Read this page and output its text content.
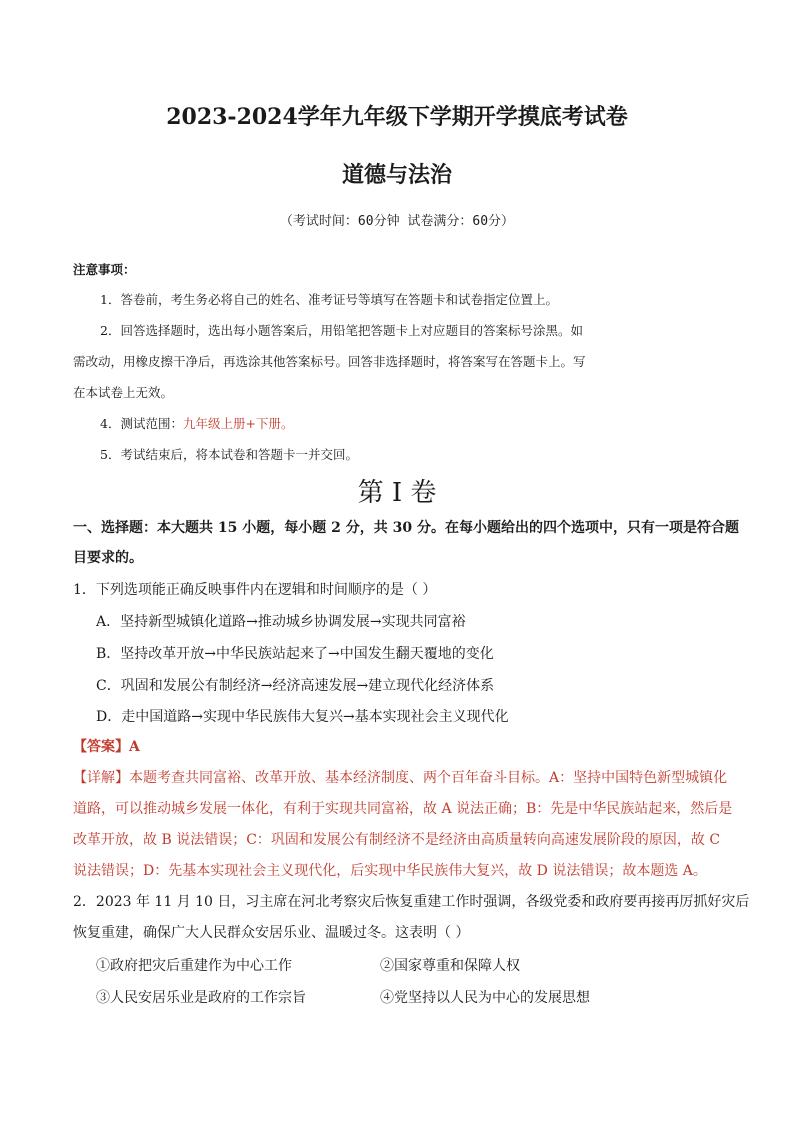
2023-2024学年九年级下学期开学摸底考试卷
道德与法治
（考试时间：60分钟 试卷满分：60分）
注意事项：
1．答卷前，考生务必将自己的姓名、准考证号等填写在答题卡和试卷指定位置上。
2．回答选择题时，选出每小题答案后，用铅笔把答题卡上对应题目的答案标号涂黑。如
需改动，用橡皮擦干净后，再选涂其他答案标号。回答非选择题时，将答案写在答题卡上。写
在本试卷上无效。
4．测试范围：九年级上册+下册。
5．考试结束后，将本试卷和答题卡一并交回。
第 I 卷
一、选择题：本大题共 15 小题，每小题 2 分，共 30 分。在每小题给出的四个选项中，只有一项是符合题
目要求的。
1．下列选项能正确反映事件内在逻辑和时间顺序的是（ ）
A．坚持新型城镇化道路→推动城乡协调发展→实现共同富裕
B．坚持改革开放→中华民族站起来了→中国发生翻天覆地的变化
C．巩固和发展公有制经济→经济高速发展→建立现代化经济体系
D．走中国道路→实现中华民族伟大复兴→基本实现社会主义现代化
【答案】A
【详解】本题考查共同富裕、改革开放、基本经济制度、两个百年奋斗目标。A：坚持中国特色新型城镇化
道路，可以推动城乡发展一体化，有利于实现共同富裕，故 A 说法正确；B：先是中华民族站起来，然后是
改革开放，故 B 说法错误；C：巩固和发展公有制经济不是经济由高质量转向高速发展阶段的原因，故 C
说法错误；D：先基本实现社会主义现代化，后实现中华民族伟大复兴，故 D 说法错误；故本题选 A。
2．2023 年 11 月 10 日，习主席在河北考察灾后恢复重建工作时强调，各级党委和政府要再接再厉抓好灾后
恢复重建，确保广大人民群众安居乐业、温暖过冬。这表明（ ）
①政府把灾后重建作为中心工作	②国家尊重和保障人权
③人民安居乐业是政府的工作宗旨	④党坚持以人民为中心的发展思想
